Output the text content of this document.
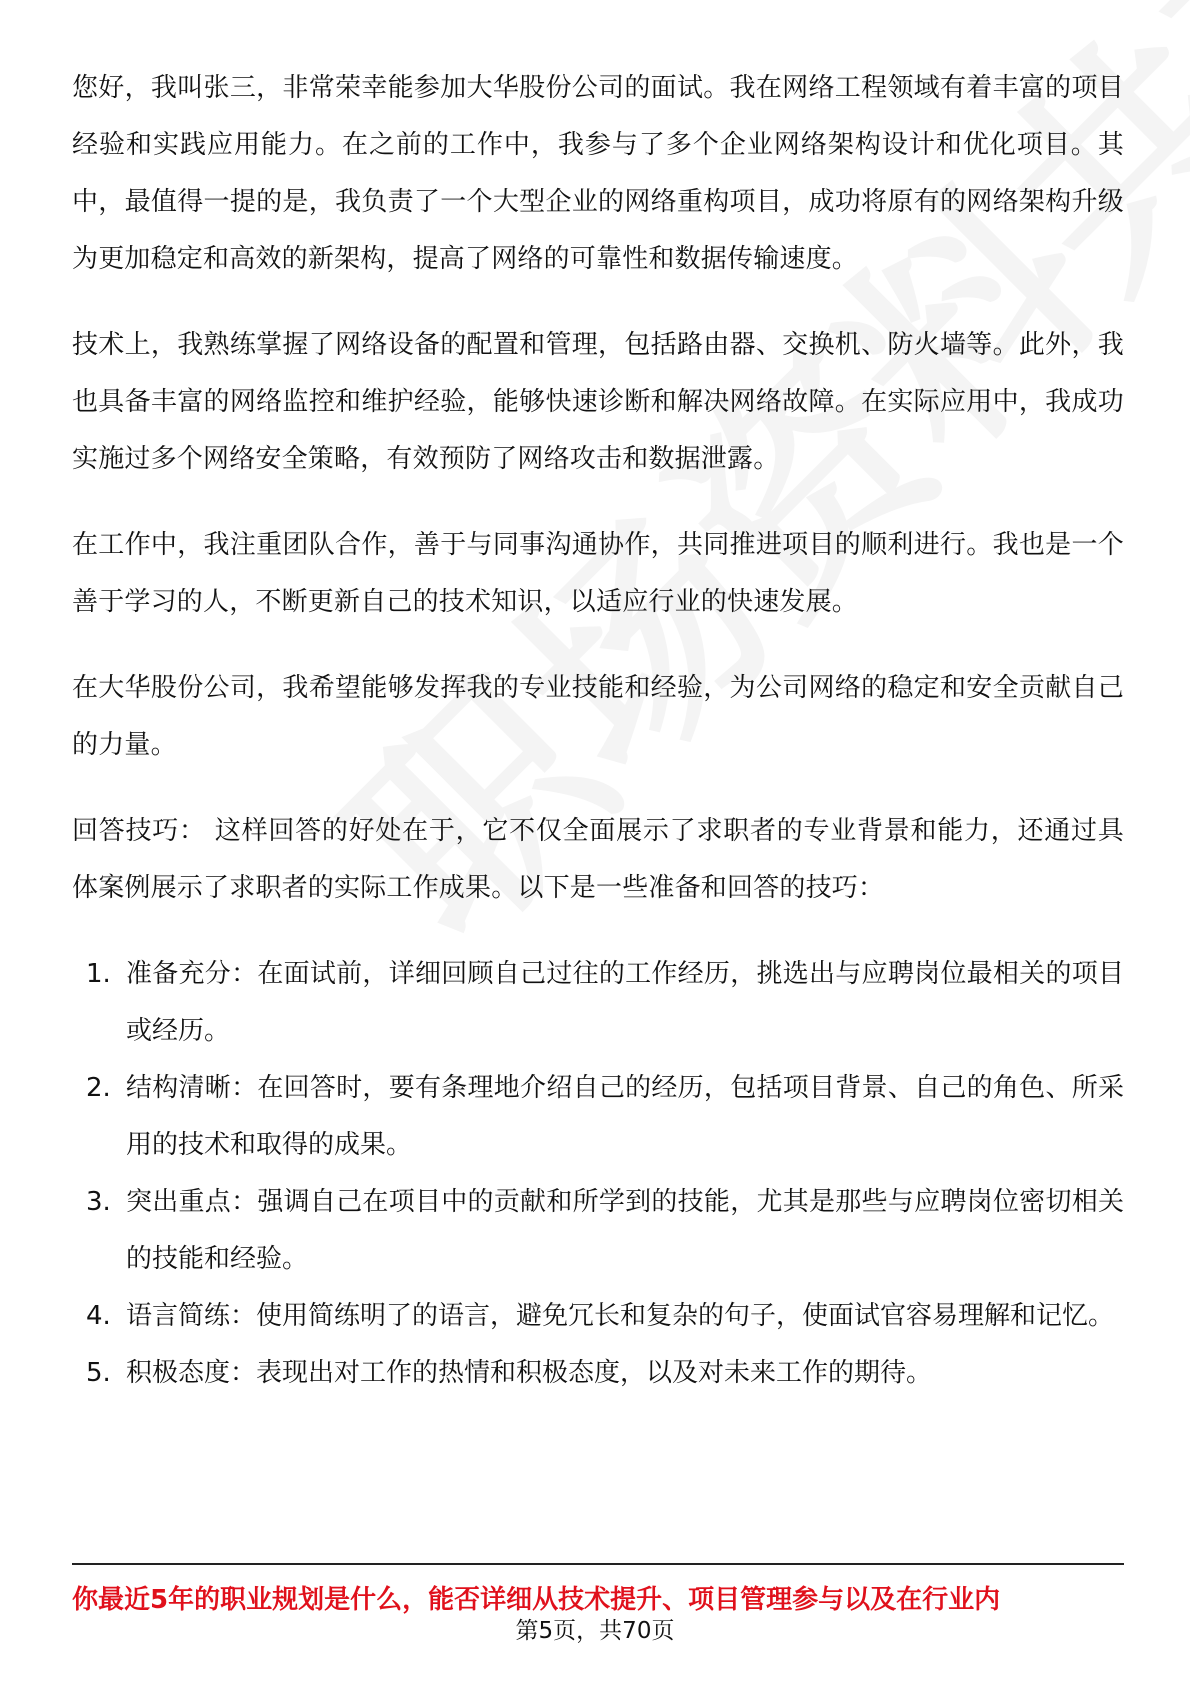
您好，我叫张三，非常荣幸能参加大华股份公司的面试。我在网络工程领域有着丰富的项目经验和实践应用能力。在之前的工作中，我参与了多个企业网络架构设计和优化项目。其中，最值得一提的是，我负责了一个大型企业的网络重构项目，成功将原有的网络架构升级为更加稳定和高效的新架构，提高了网络的可靠性和数据传输速度。

技术上，我熟练掌握了网络设备的配置和管理，包括路由器、交换机、防火墙等。此外，我也具备丰富的网络监控和维护经验，能够快速诊断和解决网络故障。在实际应用中，我成功实施过多个网络安全策略，有效预防了网络攻击和数据泄露。

在工作中，我注重团队合作，善于与同事沟通协作，共同推进项目的顺利进行。我也是一个善于学习的人，不断更新自己的技术知识，以适应行业的快速发展。

在大华股份公司，我希望能够发挥我的专业技能和经验，为公司网络的稳定和安全贡献自己的力量。

回答技巧： 这样回答的好处在于，它不仅全面展示了求职者的专业背景和能力，还通过具体案例展示了求职者的实际工作成果。以下是一些准备和回答的技巧：

1. 准备充分：在面试前，详细回顾自己过往的工作经历，挑选出与应聘岗位最相关的项目或经历。
2. 结构清晰：在回答时，要有条理地介绍自己的经历，包括项目背景、自己的角色、所采用的技术和取得的成果。
3. 突出重点：强调自己在项目中的贡献和所学到的技能，尤其是那些与应聘岗位密切相关的技能和经验。
4. 语言简练：使用简练明了的语言，避免冗长和复杂的句子，使面试官容易理解和记忆。
5. 积极态度：表现出对工作的热情和积极态度，以及对未来工作的期待。
你最近5年的职业规划是什么，能否详细从技术提升、项目管理参与以及在行业内
第5页，共70页
